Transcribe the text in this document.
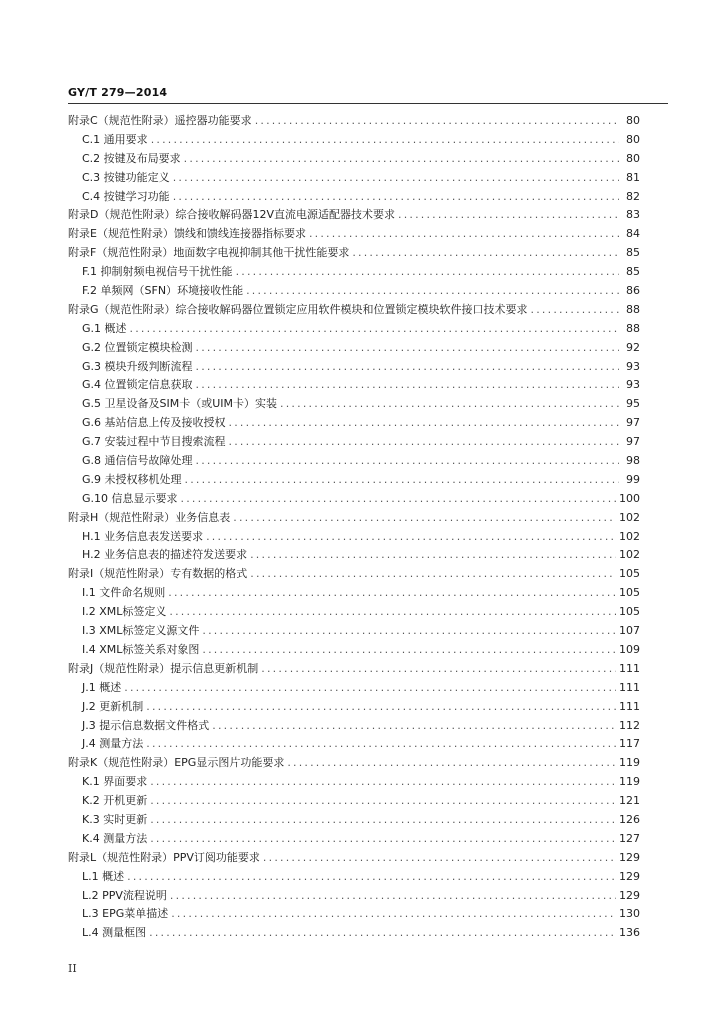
GY/T 279—2014
附录C（规范性附录）遥控器功能要求 .....	80
C.1 通用要求 .....	80
C.2 按键及布局要求 .....	80
C.3 按键功能定义 .....	81
C.4 按键学习功能 .....	82
附录D（规范性附录）综合接收解码器12V直流电源适配器技术要求 .....	83
附录E（规范性附录）馈线和馈线连接器指标要求 .....	84
附录F（规范性附录）地面数字电视抑制其他干扰性能要求 .....	85
F.1 抑制射频电视信号干扰性能 .....	85
F.2 单频网（SFN）环境接收性能 .....	86
附录G（规范性附录）综合接收解码器位置锁定应用软件模块和位置锁定模块软件接口技术要求 .....	88
G.1 概述 .....	88
G.2 位置锁定模块检测 .....	92
G.3 模块升级判断流程 .....	93
G.4 位置锁定信息获取 .....	93
G.5 卫星设备及SIM卡（或UIM卡）实装 .....	95
G.6 基站信息上传及接收授权 .....	97
G.7 安装过程中节目搜索流程 .....	97
G.8 通信信号故障处理 .....	98
G.9 未授权移机处理 .....	99
G.10 信息显示要求 .....	100
附录H（规范性附录）业务信息表 .....	102
H.1 业务信息表发送要求 .....	102
H.2 业务信息表的描述符发送要求 .....	102
附录I（规范性附录）专有数据的格式 .....	105
I.1 文件命名规则 .....	105
I.2 XML标签定义 .....	105
I.3 XML标签定义源文件 .....	107
I.4 XML标签关系对象图 .....	109
附录J（规范性附录）提示信息更新机制 .....	111
J.1 概述 .....	111
J.2 更新机制 .....	111
J.3 提示信息数据文件格式 .....	112
J.4 测量方法 .....	117
附录K（规范性附录）EPG显示图片功能要求 .....	119
K.1 界面要求 .....	119
K.2 开机更新 .....	121
K.3 实时更新 .....	126
K.4 测量方法 .....	127
附录L（规范性附录）PPV订阅功能要求 .....	129
L.1 概述 .....	129
L.2 PPV流程说明 .....	129
L.3 EPG菜单描述 .....	130
L.4 测量框图 .....	136
II
